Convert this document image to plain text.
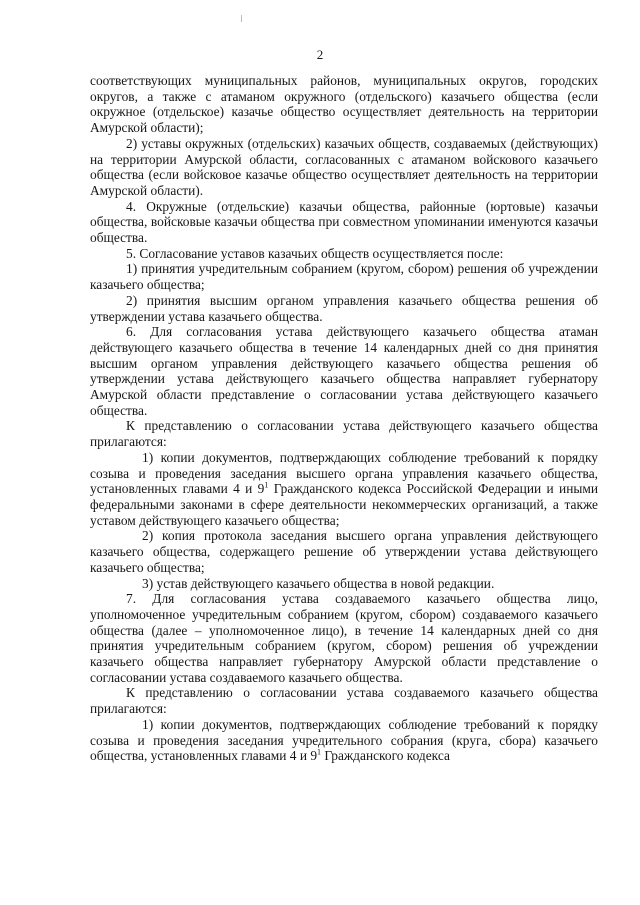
2

соответствующих муниципальных районов, муниципальных округов, городских округов, а также с атаманом окружного (отдельского) казачьего общества (если окружное (отдельское) казачье общество осуществляет деятельность на территории Амурской области);

2) уставы окружных (отдельских) казачьих обществ, создаваемых (действующих) на территории Амурской области, согласованных с атаманом войскового казачьего общества (если войсковое казачье общество осуществляет деятельность на территории Амурской области).

4. Окружные (отдельские) казачьи общества, районные (юртовые) казачьи общества, войсковые казачьи общества при совместном упоминании именуются казачьи общества.

5. Согласование уставов казачьих обществ осуществляется после:

1) принятия учредительным собранием (кругом, сбором) решения об учреждении казачьего общества;

2) принятия высшим органом управления казачьего общества решения об утверждении устава казачьего общества.

6. Для согласования устава действующего казачьего общества атаман действующего казачьего общества в течение 14 календарных дней со дня принятия высшим органом управления действующего казачьего общества решения об утверждении устава действующего казачьего общества направляет губернатору Амурской области представление о согласовании устава действующего казачьего общества.

К представлению о согласовании устава действующего казачьего общества прилагаются:

1) копии документов, подтверждающих соблюдение требований к порядку созыва и проведения заседания высшего органа управления казачьего общества, установленных главами 4 и $9^1$ Гражданского кодекса Российской Федерации и иными федеральными законами в сфере деятельности некоммерческих организаций, а также уставом действующего казачьего общества;

2) копия протокола заседания высшего органа управления действующего казачьего общества, содержащего решение об утверждении устава действующего казачьего общества;

3) устав действующего казачьего общества в новой редакции.

7. Для согласования устава создаваемого казачьего общества лицо, уполномоченное учредительным собранием (кругом, сбором) создаваемого казачьего общества (далее – уполномоченное лицо), в течение 14 календарных дней со дня принятия учредительным собранием (кругом, сбором) решения об учреждении казачьего общества направляет губернатору Амурской области представление о согласовании устава создаваемого казачьего общества.

К представлению о согласовании устава создаваемого казачьего общества прилагаются:

1) копии документов, подтверждающих соблюдение требований к порядку созыва и проведения заседания учредительного собрания (круга, сбора) казачьего общества, установленных главами 4 и $9^1$ Гражданского кодекса
